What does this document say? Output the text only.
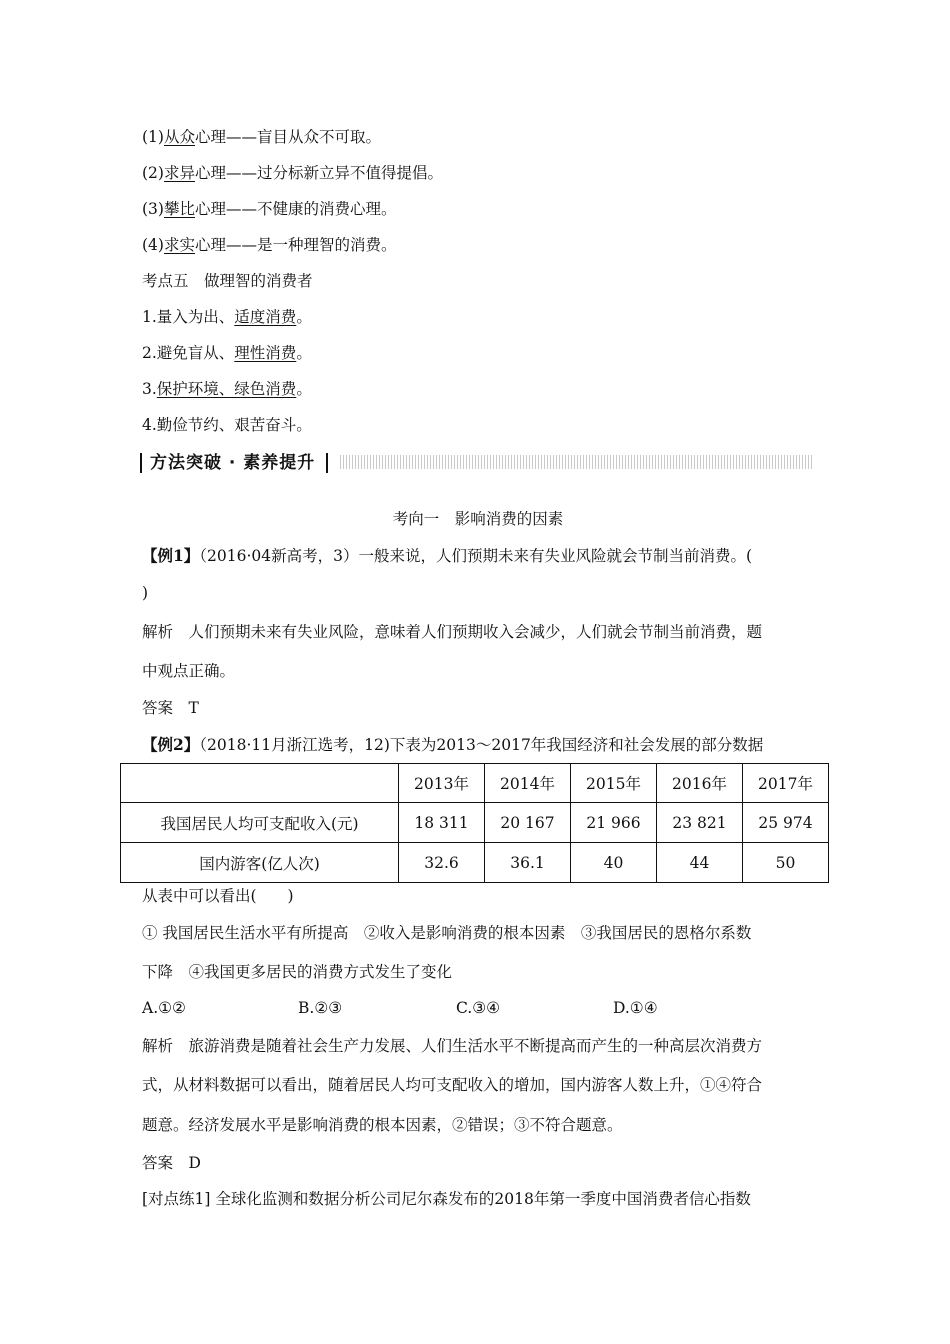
(1)从众心理——盲目从众不可取。
(2)求异心理——过分标新立异不值得提倡。
(3)攀比心理——不健康的消费心理。
(4)求实心理——是一种理智的消费。
考点五　做理智的消费者
1.量入为出、适度消费。
2.避免盲从、理性消费。
3.保护环境、绿色消费。
4.勤俭节约、艰苦奋斗。
方法突破 · 素养提升
考向一　影响消费的因素
【例1】（2016·04新高考，3）一般来说，人们预期未来有失业风险就会节制当前消费。(
)
解析　人们预期未来有失业风险，意味着人们预期收入会减少，人们就会节制当前消费，题
中观点正确。
答案　T
【例2】（2018·11月浙江选考，12)下表为2013～2017年我国经济和社会发展的部分数据
	2013年	2014年	2015年	2016年	2017年
我国居民人均可支配收入(元)	18 311	20 167	21 966	23 821	25 974
国内游客(亿人次)	32.6	36.1	40	44	50
从表中可以看出(　　)
① 我国居民生活水平有所提高　②收入是影响消费的根本因素　③我国居民的恩格尔系数
下降　④我国更多居民的消费方式发生了变化
A.①②	B.②③	C.③④	D.①④
解析　旅游消费是随着社会生产力发展、人们生活水平不断提高而产生的一种高层次消费方
式，从材料数据可以看出，随着居民人均可支配收入的增加，国内游客人数上升，①④符合
题意。经济发展水平是影响消费的根本因素，②错误；③不符合题意。
答案　D
[对点练1] 全球化监测和数据分析公司尼尔森发布的2018年第一季度中国消费者信心指数
